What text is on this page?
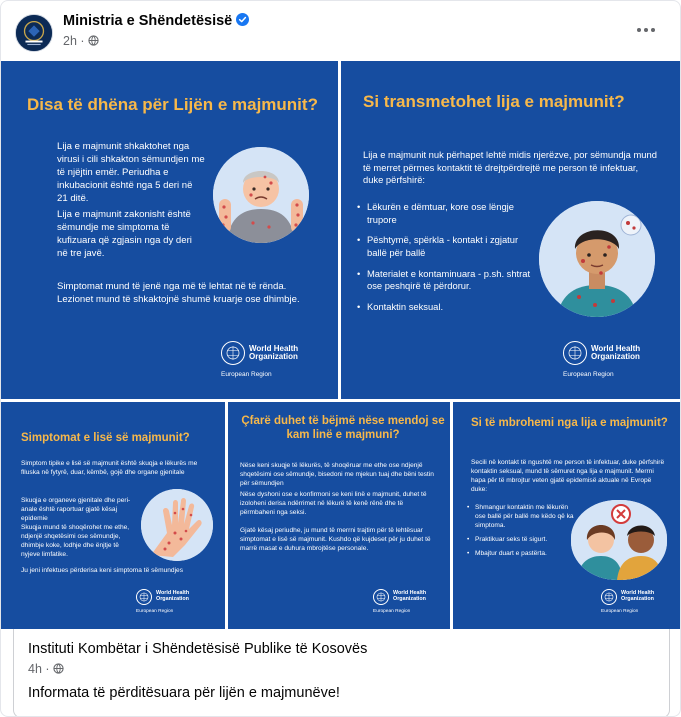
Ministria e Shëndetësisë
2h ·
Disa të dhëna për Lijën e majmunit?
Lija e majmunit shkaktohet nga virusi i cili shkakton sëmundjen me të njëjtin emër. Periudha e inkubacionit është nga 5 deri në 21 ditë.
Lija e majmunit zakonisht është sëmundje me simptoma të kufizuara që zgjasin nga dy deri në tre javë.
Simptomat mund të jenë nga më të lehtat në të rënda. Lezionet mund të shkaktojnë shumë kruarje ose dhimbje.
World Health
Organization
European Region
Si transmetohet lija e majmunit?
Lija e majmunit nuk përhapet lehtë midis njerëzve, por sëmundja mund të merret përmes kontaktit të drejtpërdrejtë me person të infektuar, duke përfshirë:
• Lëkurën e dëmtuar, kore ose lëngje trupore
• Pështymë, spërkla - kontakt i zgjatur ballë për ballë
• Materialet e kontaminuara - p.sh. shtrat ose peshqirë të përdorur.
• Kontaktin seksual.
World Health
Organization
European Region
Simptomat e lisë së majmunit?
Simptom tipike e lisë së majmunit është skuqja e lëkurës me flluska në fytyrë, duar, këmbë, gojë dhe organe gjenitale
Skuqja e organeve gjenitale dhe peri-anale është raportuar gjatë kësaj epidemie
Skuqja mund të shoqërohet me ethe, ndjenjë shqetësimi ose sëmundje, dhimbje koke, lodhje dhe ënjtje të nyjeve limfatike.
Ju jeni infektues përderisa keni simptoma të sëmundjes
World Health
Organization
European Region
Çfarë duhet të bëjmë nëse mendoj se kam linë e majmuni?
Nëse keni skuqje të lëkurës, të shoqëruar me ethe ose ndjenjë shqetësimi ose sëmundje, bisedoni me mjekun tuaj dhe bëni testin për sëmundjen
Nëse dyshoni ose e konfirmoni se keni linë e majmunit, duhet të izoloheni derisa ndërrimet në lëkurë të kenë rënë dhe të përmbaheni nga seksi.
Gjatë kësaj periudhe, ju mund të merrni trajtim për të lehtësuar simptomat e lisë së majmunit. Kushdo që kujdeset për ju duhet të marrë masat e duhura mbrojtëse personale.
World Health
Organization
European Region
Si të mbrohemi nga lija e majmunit?
Secili në kontakt të ngushtë me person të infektuar, duke përfshirë kontaktin seksual, mund të sëmuret nga lija e majmunit. Merrni hapa për të mbrojtur veten gjatë epidemisë aktuale në Evropë duke:
• Shmangur kontaktin me lëkurën ose ballë për ballë me këdo që ka simptoma.
• Praktikuar seks të sigurt.
• Mbajtur duart e pastërta.
World Health
Organization
European Region
Instituti Kombëtar i Shëndetësisë Publike të Kosovës
4h ·
Informata të përditësuara për lijën e majmunëve!
